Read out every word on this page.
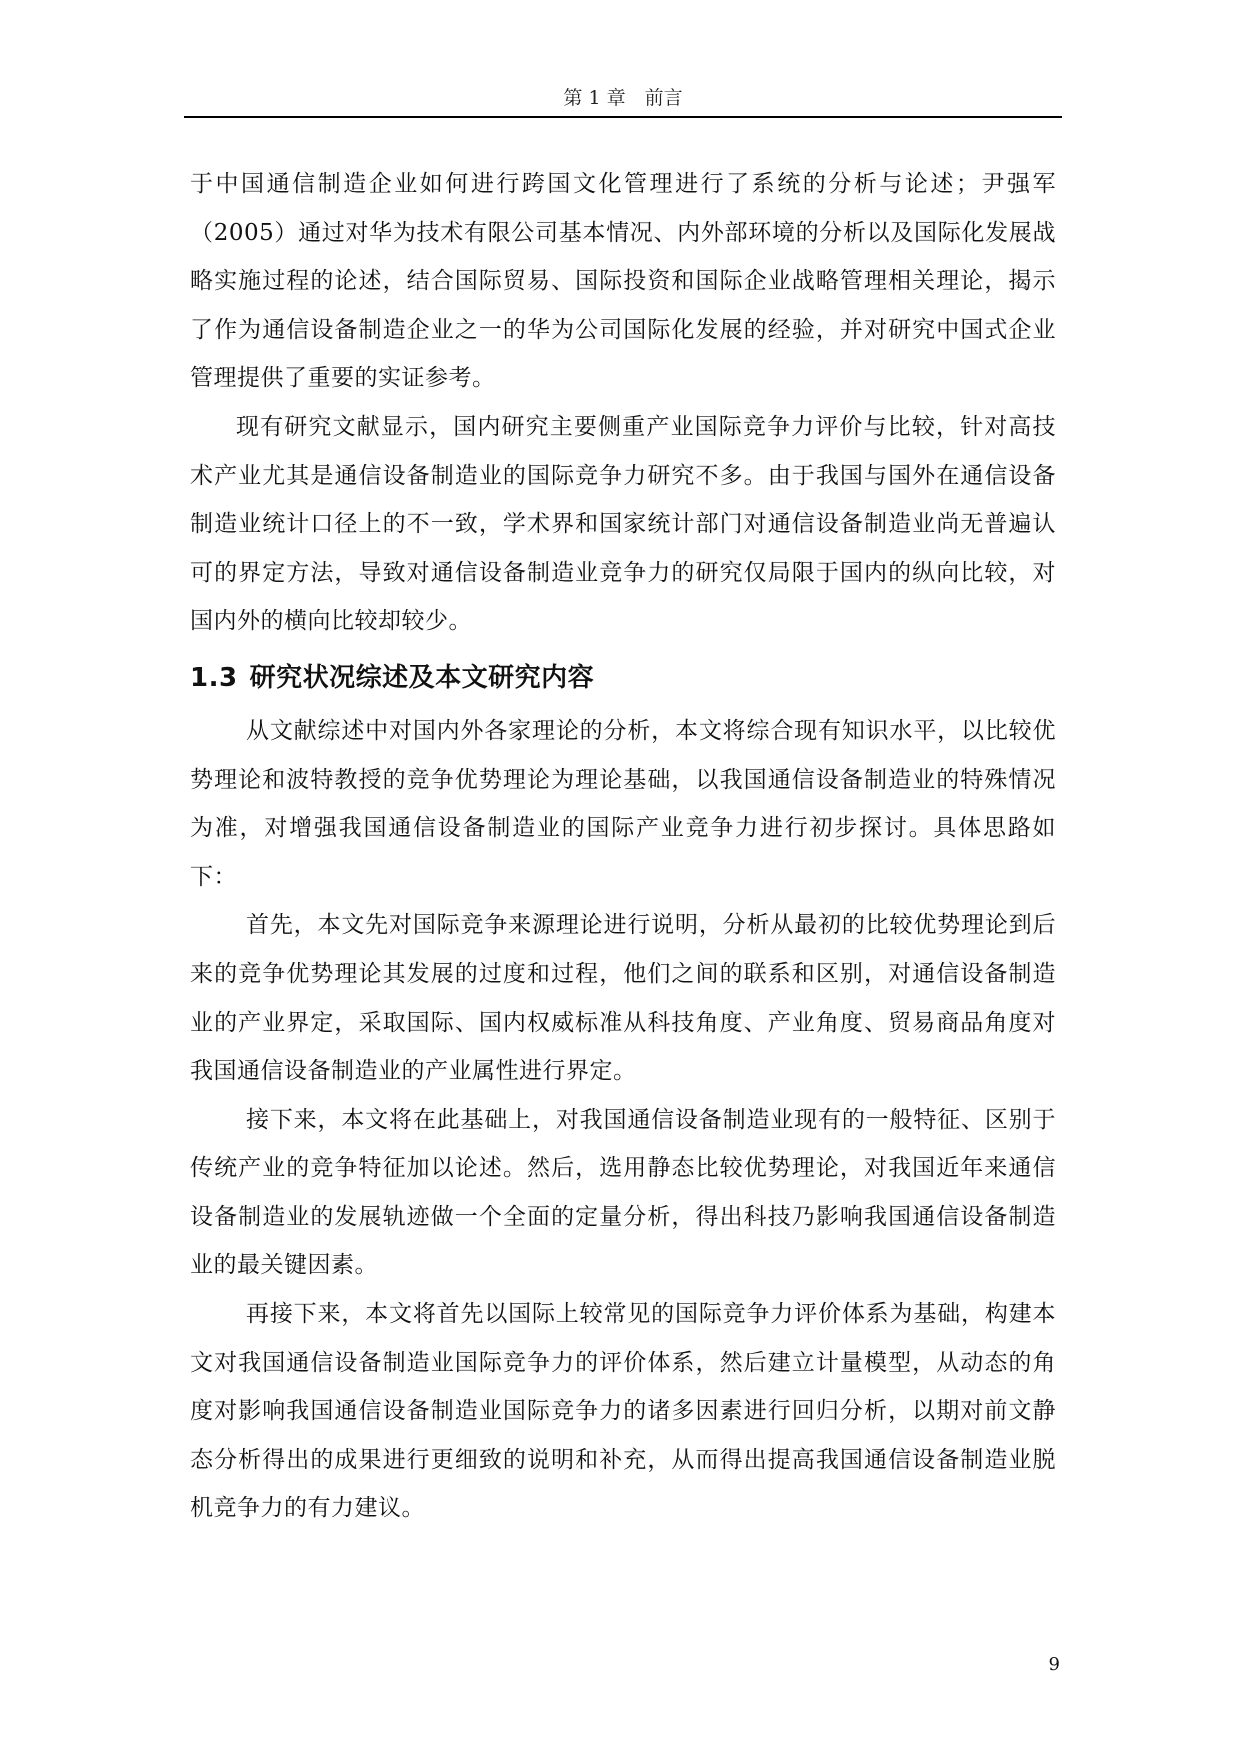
第 1 章　前言

于中国通信制造企业如何进行跨国文化管理进行了系统的分析与论述；尹强军（2005）通过对华为技术有限公司基本情况、内外部环境的分析以及国际化发展战略实施过程的论述，结合国际贸易、国际投资和国际企业战略管理相关理论，揭示了作为通信设备制造企业之一的华为公司国际化发展的经验，并对研究中国式企业管理提供了重要的实证参考。

现有研究文献显示，国内研究主要侧重产业国际竞争力评价与比较，针对高技术产业尤其是通信设备制造业的国际竞争力研究不多。由于我国与国外在通信设备制造业统计口径上的不一致，学术界和国家统计部门对通信设备制造业尚无普遍认可的界定方法，导致对通信设备制造业竞争力的研究仅局限于国内的纵向比较，对国内外的横向比较却较少。

1.3 研究状况综述及本文研究内容

从文献综述中对国内外各家理论的分析，本文将综合现有知识水平，以比较优势理论和波特教授的竞争优势理论为理论基础，以我国通信设备制造业的特殊情况为准，对增强我国通信设备制造业的国际产业竞争力进行初步探讨。具体思路如下：

首先，本文先对国际竞争来源理论进行说明，分析从最初的比较优势理论到后来的竞争优势理论其发展的过度和过程，他们之间的联系和区别，对通信设备制造业的产业界定，采取国际、国内权威标准从科技角度、产业角度、贸易商品角度对我国通信设备制造业的产业属性进行界定。

接下来，本文将在此基础上，对我国通信设备制造业现有的一般特征、区别于传统产业的竞争特征加以论述。然后，选用静态比较优势理论，对我国近年来通信设备制造业的发展轨迹做一个全面的定量分析，得出科技乃影响我国通信设备制造业的最关键因素。

再接下来，本文将首先以国际上较常见的国际竞争力评价体系为基础，构建本文对我国通信设备制造业国际竞争力的评价体系，然后建立计量模型，从动态的角度对影响我国通信设备制造业国际竞争力的诸多因素进行回归分析，以期对前文静态分析得出的成果进行更细致的说明和补充，从而得出提高我国通信设备制造业脱机竞争力的有力建议。

9
